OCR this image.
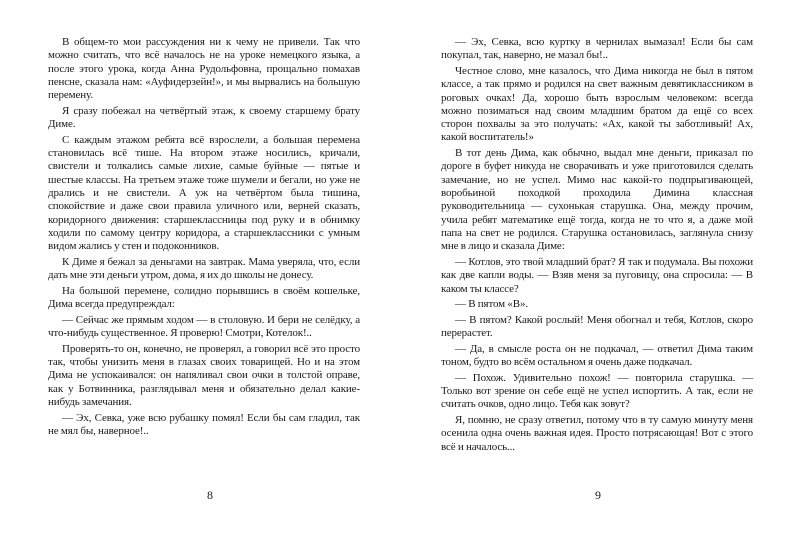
В общем-то мои рассуждения ни к чему не привели. Так что можно считать, что всё началось не на уроке немецкого языка, а после этого урока, когда Анна Рудольфовна, прощально помахав пенсне, сказала нам: «Ауфидерзейн!», и мы вырвались на большую перемену.

Я сразу побежал на четвёртый этаж, к своему старшему брату Диме.

С каждым этажом ребята всё взрослели, а большая перемена становилась всё тише. На втором этаже носились, кричали, свистели и толкались самые лихие, самые буйные — пятые и шестые классы. На третьем этаже тоже шумели и бегали, но уже не дрались и не свистели. А уж на четвёртом была тишина, спокойствие и даже свои правила уличного или, верней сказать, коридорного движения: старшеклассницы под руку и в обнимку ходили по самому центру коридора, а старшеклассники с умным видом жались у стен и подоконников.

К Диме я бежал за деньгами на завтрак. Мама уверяла, что, если дать мне эти деньги утром, дома, я их до школы не донесу.

На большой перемене, солидно порывшись в своём кошельке, Дима всегда предупреждал:

— Сейчас же прямым ходом — в столовую. И бери не селёдку, а что-нибудь существенное. Я проверю! Смотри, Котелок!..

Проверять-то он, конечно, не проверял, а говорил всё это просто так, чтобы унизить меня в глазах своих товарищей. Но и на этом Дима не успокаивался: он напяливал свои очки в толстой оправе, как у Ботвинника, разглядывал меня и обязательно делал какие-нибудь замечания.

— Эх, Севка, уже всю рубашку помял! Если бы сам гладил, так не мял бы, наверное!..

8

— Эх, Севка, всю куртку в чернилах вымазал! Если бы сам покупал, так, наверно, не мазал бы!..

Честное слово, мне казалось, что Дима никогда не был в пятом классе, а так прямо и родился на свет важным девятиклассником в роговых очках! Да, хорошо быть взрослым человеком: всегда можно позиматься над своим младшим братом да ещё со всех сторон похвалы за это получать: «Ах, какой ты заботливый! Ах, какой воспитатель!»

В тот день Дима, как обычно, выдал мне деньги, приказал по дороге в буфет никуда не сворачивать и уже приготовился сделать замечание, но не успел. Мимо нас какой-то подпрыгивающей, воробьиной походкой проходила Димина классная руководительница — сухонькая старушка. Она, между прочим, учила ребят математике ещё тогда, когда не то что я, а даже мой папа на свет не родился. Старушка остановилась, заглянула снизу мне в лицо и сказала Диме:

— Котлов, это твой младший брат? Я так и подумала. Вы похожи как две капли воды. — Взяв меня за пуговицу, она спросила: — В каком ты классе?

— В пятом «В».

— В пятом? Какой рослый! Меня обогнал и тебя, Котлов, скоро перерастет.

— Да, в смысле роста он не подкачал, — ответил Дима таким тоном, будто во всём остальном я очень даже подкачал.

— Похож. Удивительно похож! — повторила старушка. — Только вот зрение он себе ещё не успел испортить. А так, если не считать очков, одно лицо. Тебя как зовут?

Я, помню, не сразу ответил, потому что в ту самую минуту меня осенила одна очень важная идея. Просто потрясающая! Вот с этого всё и началось...

9
